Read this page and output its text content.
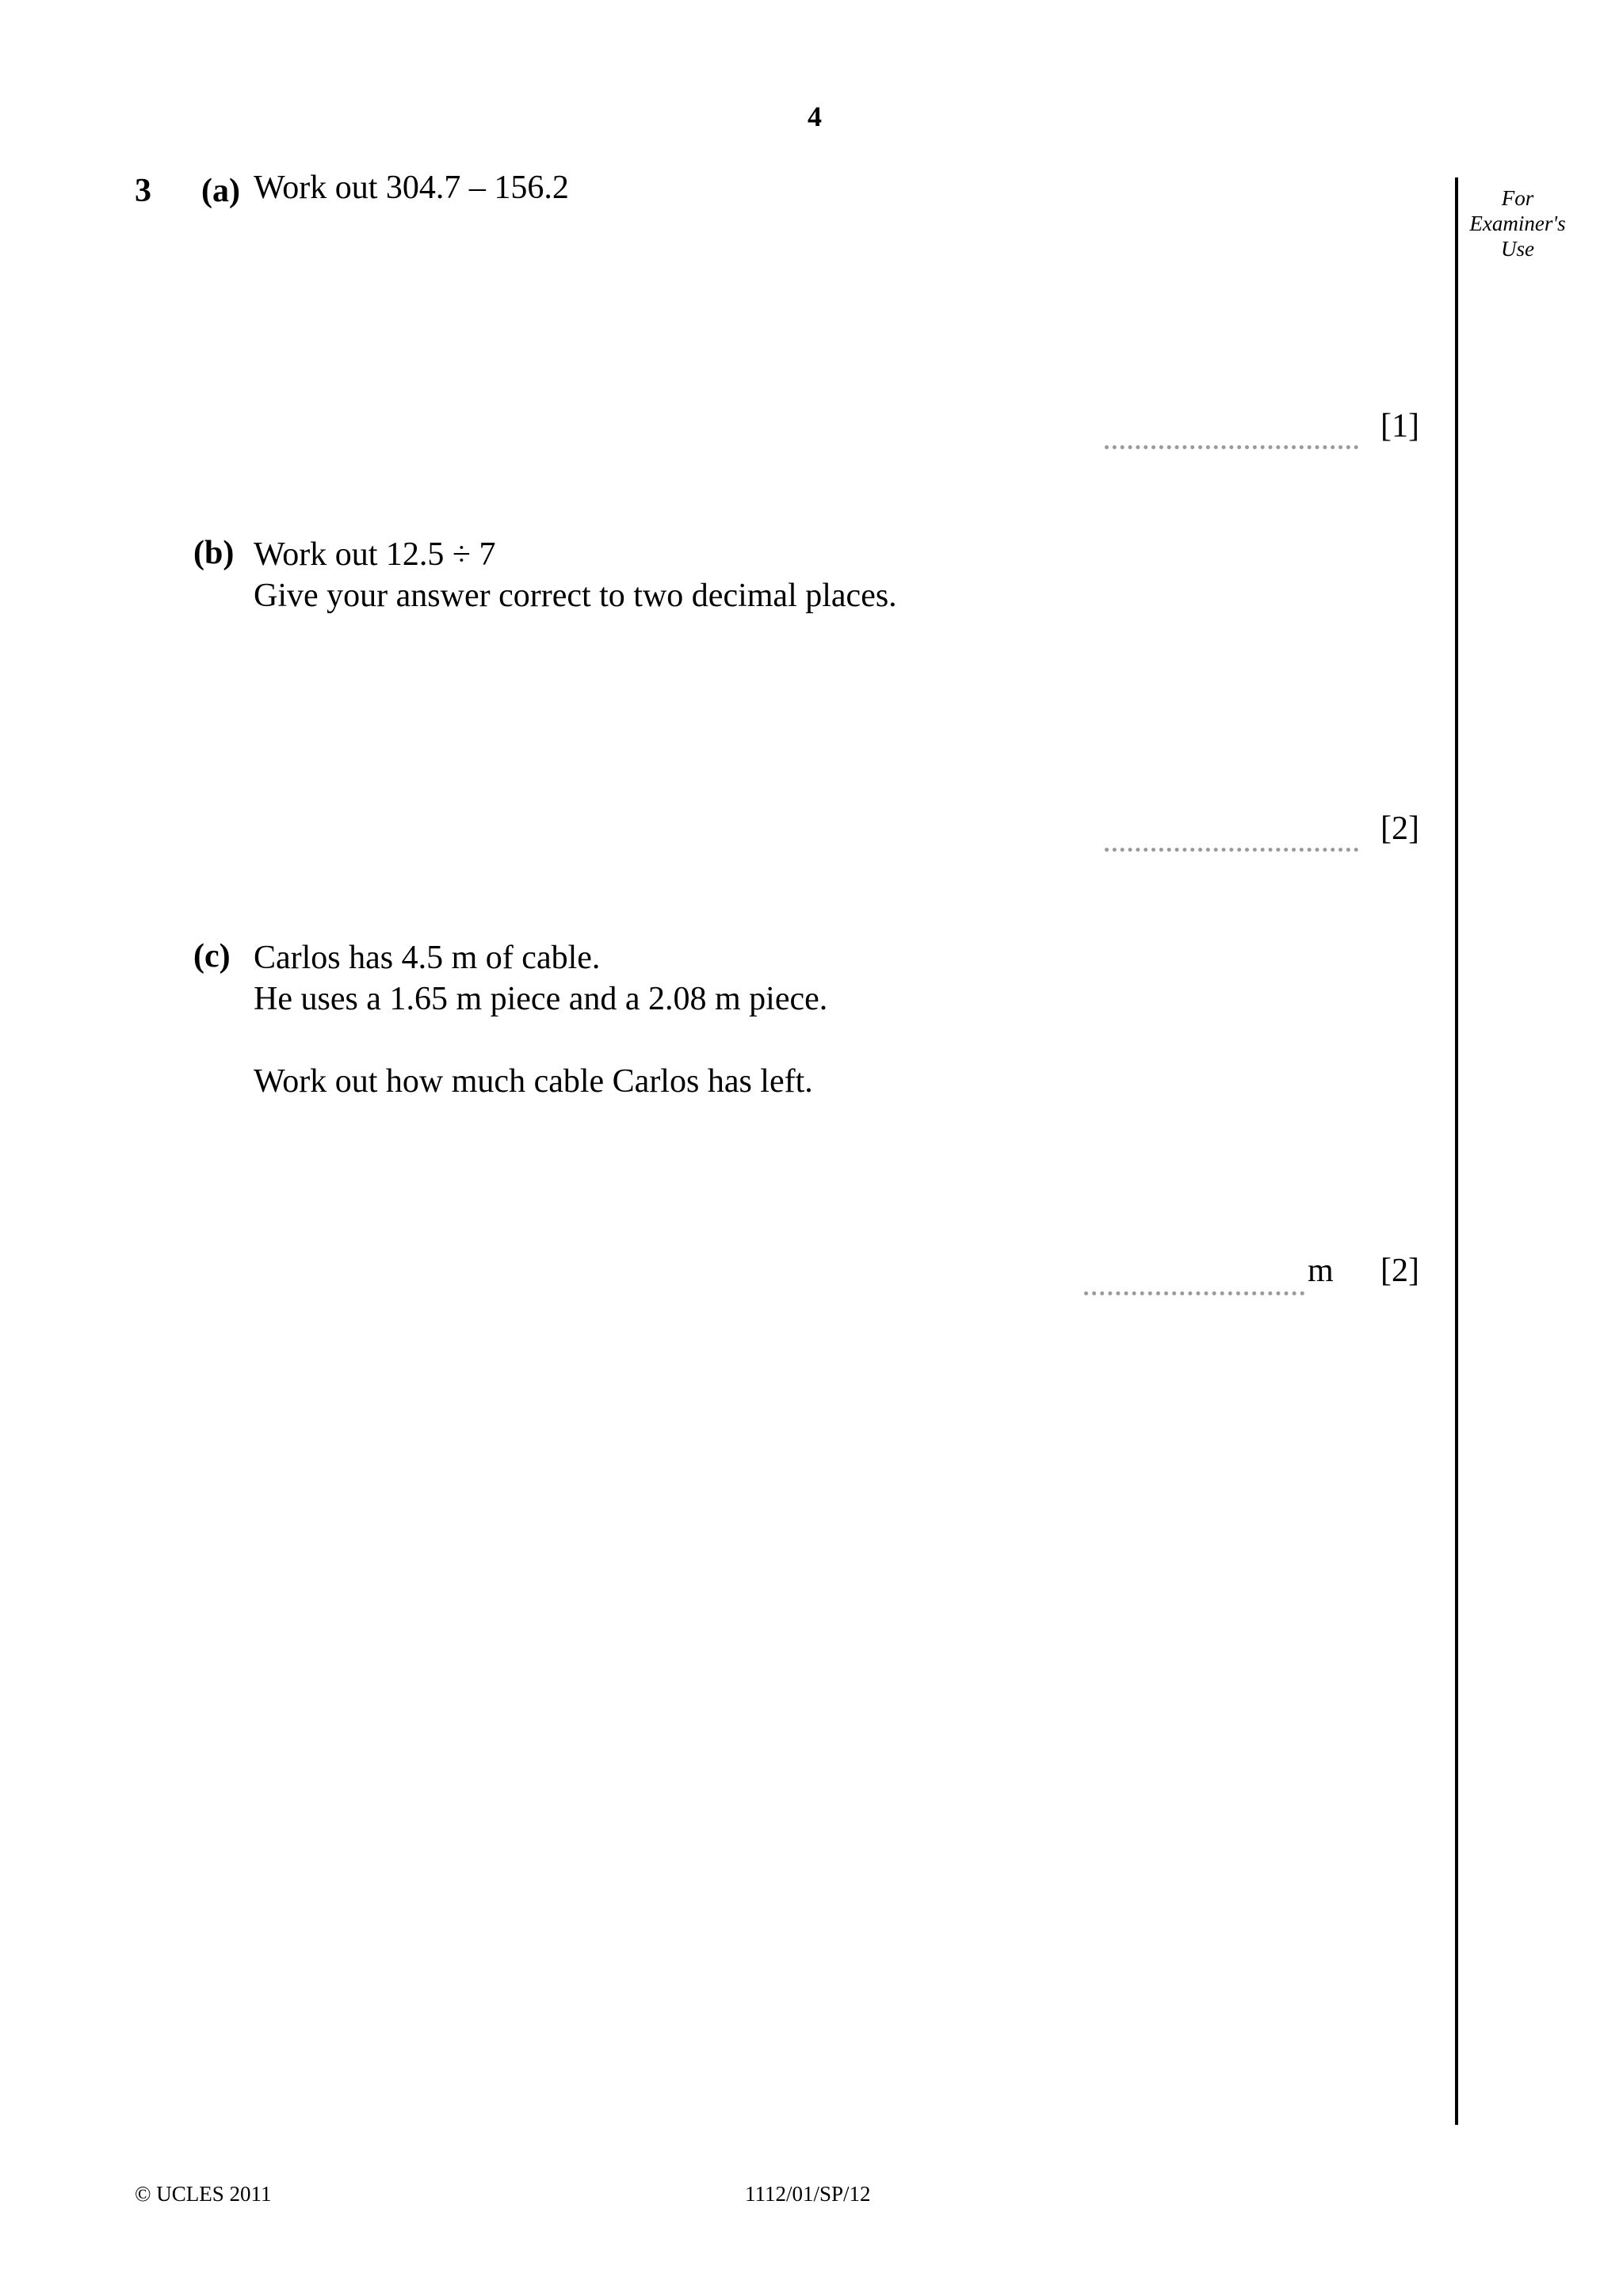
4
For
Examiner's
Use
3 (a) Work out 304.7 – 156.2
[1]
(b) Work out 12.5 ÷ 7
Give your answer correct to two decimal places.
[2]
(c) Carlos has 4.5 m of cable.
He uses a 1.65 m piece and a 2.08 m piece.
Work out how much cable Carlos has left.
m [2]
© UCLES 2011	1112/01/SP/12
